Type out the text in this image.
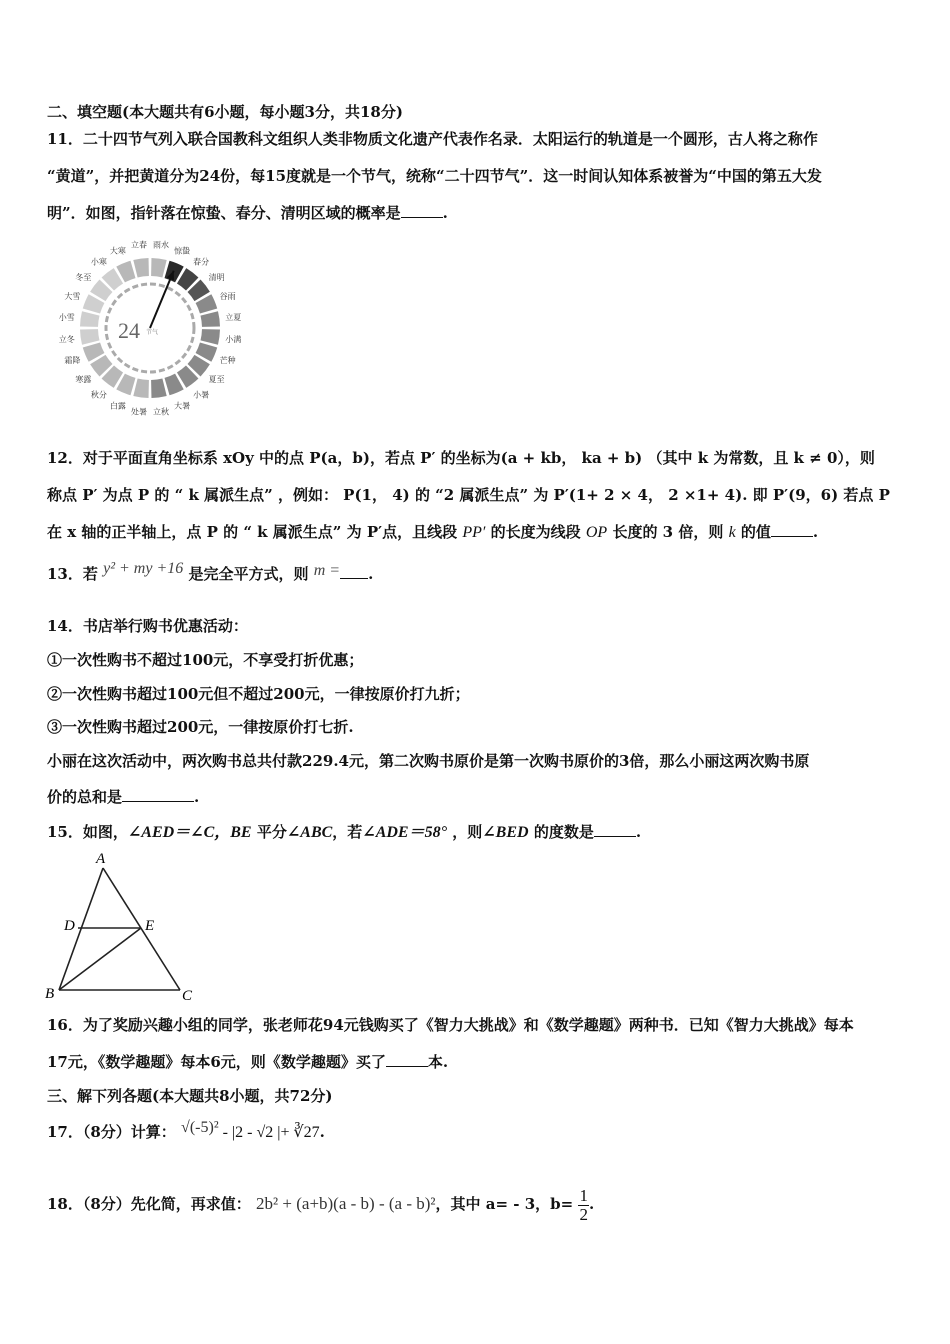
二、填空题(本大题共有6小题，每小题3分，共18分)
11．二十四节气列入联合国教科文组织人类非物质文化遗产代表作名录．太阳运行的轨道是一个圆形，古人将之称作
“黄道”，并把黄道分为24份，每15度就是一个节气，统称“二十四节气”．这一时间认知体系被誉为“中国的第五大发
明”．如图，指针落在惊蛰、春分、清明区域的概率是	.
雨水
惊蛰
春分
清明
谷雨
立夏
小满
芒种
夏至
小暑
大暑
立秋
处暑
白露
秋分
寒露
霜降
立冬
小雪
大雪
冬至
小寒
大寒
立春
24 节气
12．对于平面直角坐标系 xOy 中的点 P(a，b)，若点 P′ 的坐标为(a + kb， ka + b) （其中 k 为常数，且 k ≠ 0），则
称点 P′ 为点 P 的 “ k 属派生点” ，例如： P(1， 4) 的 “2 属派生点” 为 P′(1+ 2 × 4， 2 ×1+ 4). 即 P′(9，6) 若点 P
在 x 轴的正半轴上，点 P 的 “ k 属派生点” 为 P′点，且线段 PP′ 的长度为线段 OP 长度的 3 倍，则 k 的值	.
13．若 y² + my +16 是完全平方式，则 m = .
14．书店举行购书优惠活动：
①一次性购书不超过100元，不享受打折优惠；
②一次性购书超过100元但不超过200元，一律按原价打九折；
③一次性购书超过200元，一律按原价打七折.
小丽在这次活动中，两次购书总共付款229.4元，第二次购书原价是第一次购书原价的3倍，那么小丽这两次购书原
价的总和是	.
15．如图，∠AED＝∠C，BE 平分∠ABC，若∠ADE＝58° ，则∠BED 的度数是	.
A
D	E
B	C
16．为了奖励兴趣小组的同学，张老师花94元钱购买了《智力大挑战》和《数学趣题》两种书．已知《智力大挑战》每本
17元，《数学趣题》每本6元，则《数学趣题》买了	本.
三、解下列各题(本大题共8小题，共72分)
17．（8分）计算： √(-5)² - |2 - √2 |+ ∛27.
18．（8分）先化简，再求值： 2b² + (a+b)(a - b) - (a - b)²，其中 a= - 3，$b= \frac{1}{2}$ .
